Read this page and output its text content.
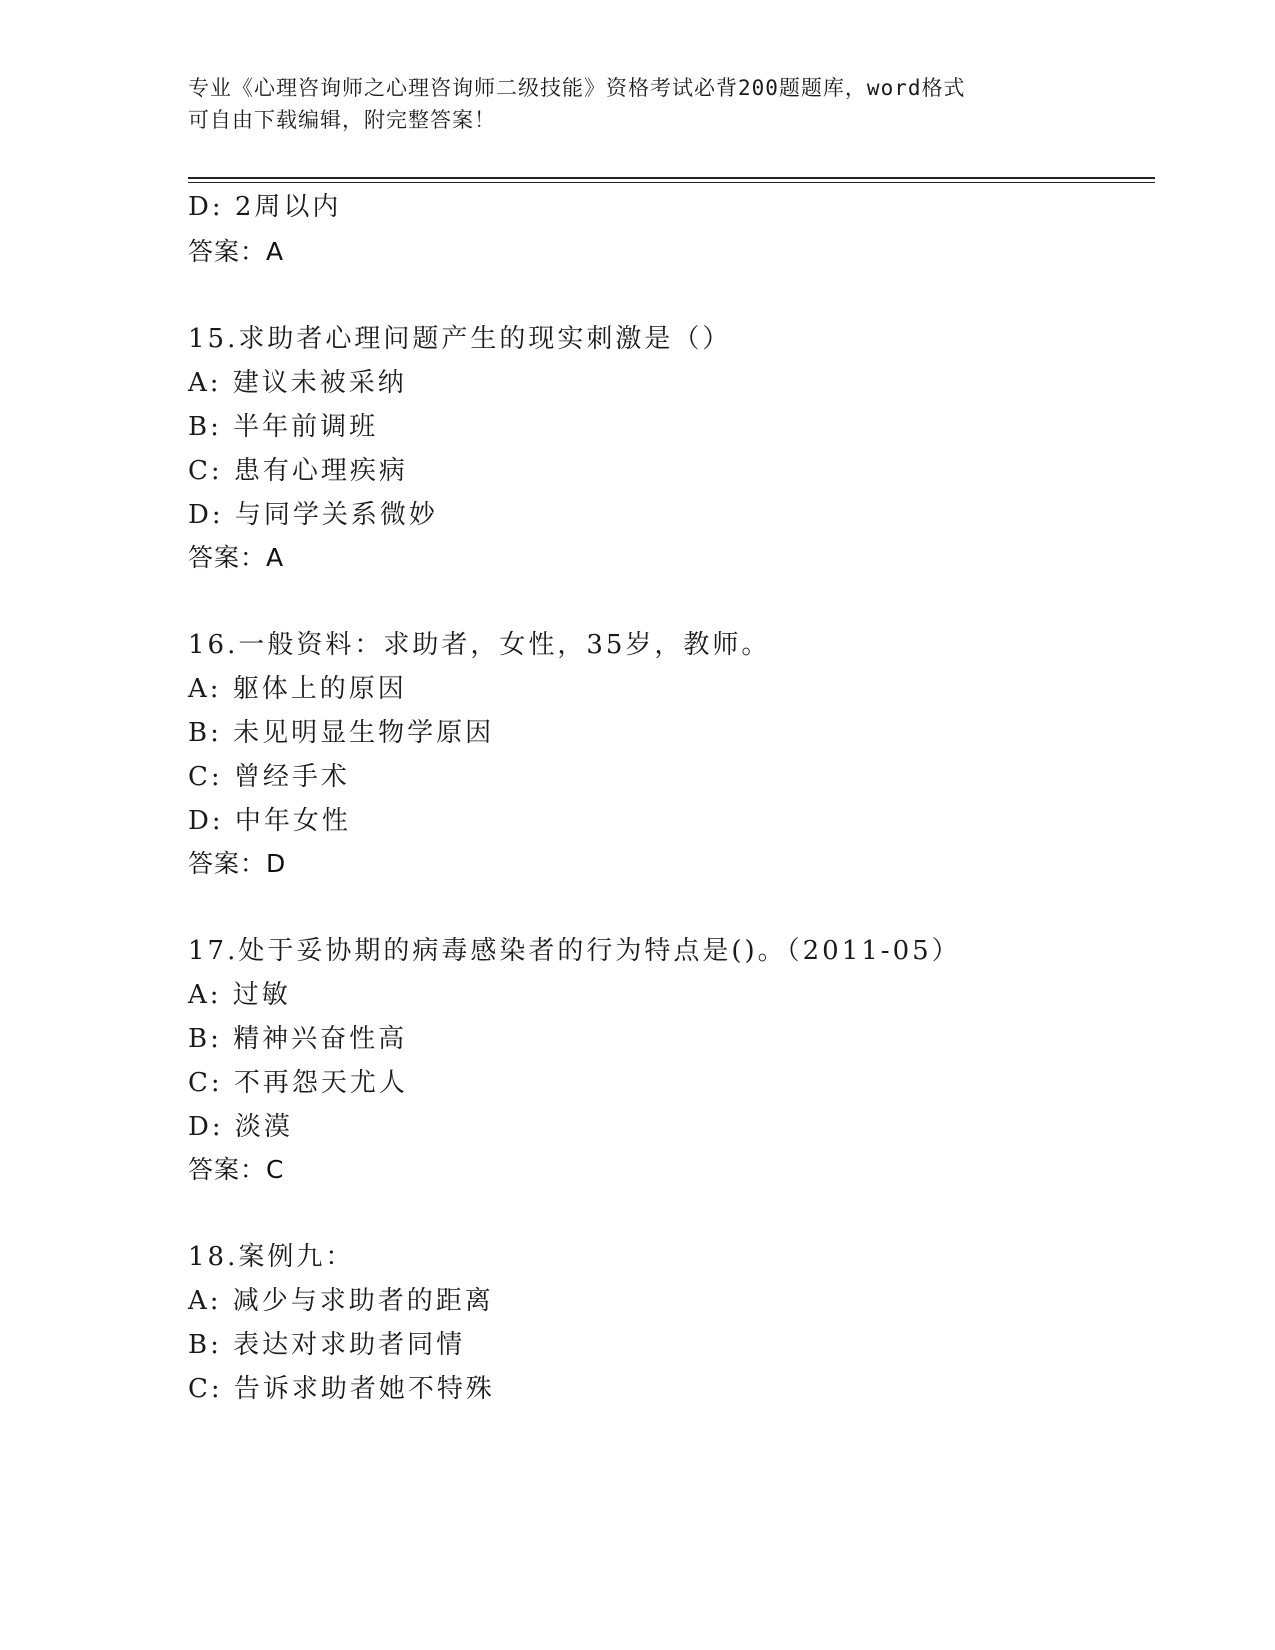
专业《心理咨询师之心理咨询师二级技能》资格考试必背200题题库，word格式
可自由下载编辑，附完整答案！
D: 2周以内
答案：A
15.求助者心理问题产生的现实刺激是（）
A: 建议未被采纳
B: 半年前调班
C: 患有心理疾病
D: 与同学关系微妙
答案：A
16.一般资料：求助者，女性，35岁，教师。
A: 躯体上的原因
B: 未见明显生物学原因
C: 曾经手术
D: 中年女性
答案：D
17.处于妥协期的病毒感染者的行为特点是()。（2011-05）
A: 过敏
B: 精神兴奋性高
C: 不再怨天尤人
D: 淡漠
答案：C
18.案例九：
A: 减少与求助者的距离
B: 表达对求助者同情
C: 告诉求助者她不特殊
